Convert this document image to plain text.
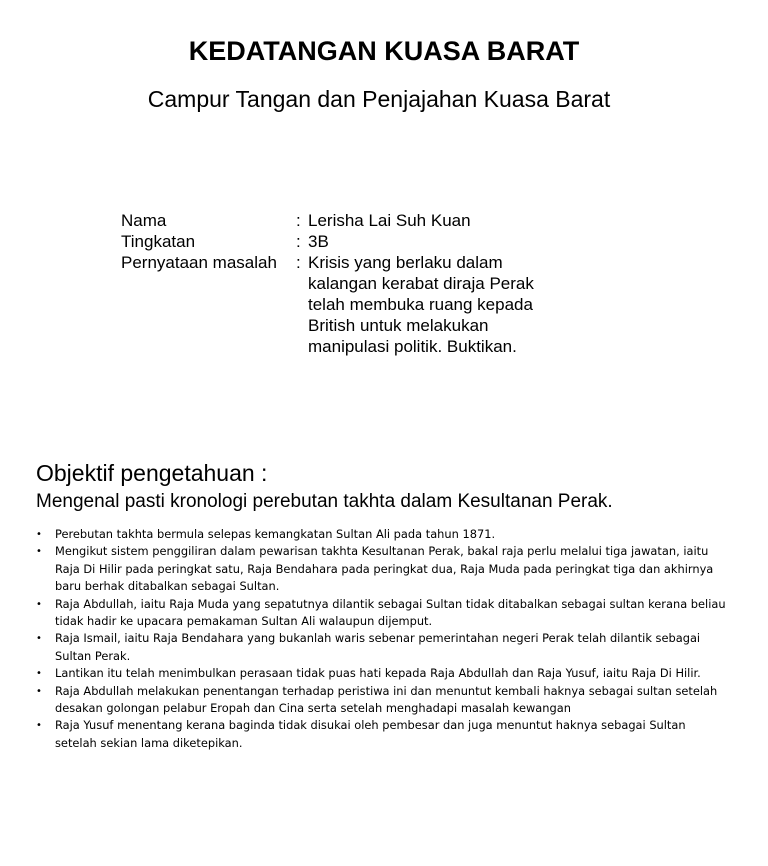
KEDATANGAN KUASA BARAT
Campur Tangan dan Penjajahan Kuasa Barat
Nama	: Lerisha Lai Suh Kuan
Tingkatan	: 3B
Pernyataan masalah	: Krisis yang berlaku dalam kalangan kerabat diraja Perak telah membuka ruang kepada British untuk melakukan manipulasi politik. Buktikan.
Objektif pengetahuan :
Mengenal pasti kronologi perebutan takhta dalam Kesultanan Perak.
• Perebutan takhta bermula selepas kemangkatan Sultan Ali pada tahun 1871.
• Mengikut sistem penggiliran dalam pewarisan takhta Kesultanan Perak, bakal raja perlu melalui tiga jawatan, iaitu Raja Di Hilir pada peringkat satu, Raja Bendahara pada peringkat dua, Raja Muda pada peringkat tiga dan akhirnya baru berhak ditabalkan sebagai Sultan.
• Raja Abdullah, iaitu Raja Muda yang sepatutnya dilantik sebagai Sultan tidak ditabalkan sebagai sultan kerana beliau tidak hadir ke upacara pemakaman Sultan Ali walaupun dijemput.
• Raja Ismail, iaitu Raja Bendahara yang bukanlah waris sebenar pemerintahan negeri Perak telah dilantik sebagai Sultan Perak.
• Lantikan itu telah menimbulkan perasaan tidak puas hati kepada Raja Abdullah dan Raja Yusuf, iaitu Raja Di Hilir.
• Raja Abdullah melakukan penentangan terhadap peristiwa ini dan menuntut kembali haknya sebagai sultan setelah desakan golongan pelabur Eropah dan Cina serta setelah menghadapi masalah kewangan
• Raja Yusuf menentang kerana baginda tidak disukai oleh pembesar dan juga menuntut haknya sebagai Sultan setelah sekian lama diketepikan.
